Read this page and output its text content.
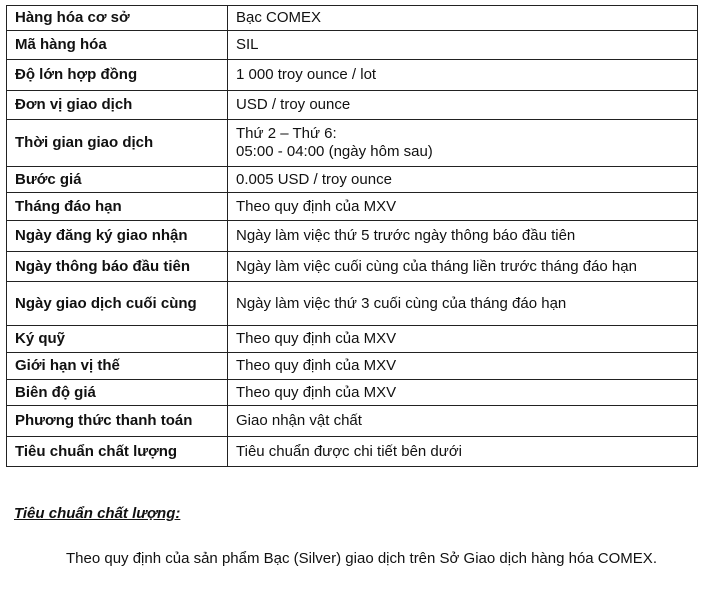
Hàng hóa cơ sở	Bạc COMEX

Mã hàng hóa	SIL

Độ lớn hợp đồng	1 000 troy ounce / lot

Đơn vị giao dịch	USD / troy ounce

Thời gian giao dịch	Thứ 2 – Thứ 6:
05:00 - 04:00 (ngày hôm sau)

Bước giá	0.005 USD / troy ounce

Tháng đáo hạn	Theo quy định của MXV

Ngày đăng ký giao nhận	Ngày làm việc thứ 5 trước ngày thông báo đầu tiên

Ngày thông báo đầu tiên	Ngày làm việc cuối cùng của tháng liền trước tháng đáo hạn

Ngày giao dịch cuối cùng	Ngày làm việc thứ 3 cuối cùng của tháng đáo hạn

Ký quỹ	Theo quy định của MXV

Giới hạn vị thế	Theo quy định của MXV

Biên độ giá	Theo quy định của MXV

Phương thức thanh toán	Giao nhận vật chất

Tiêu chuẩn chất lượng	Tiêu chuẩn được chi tiết bên dưới
Tiêu chuẩn chất lượng:
Theo quy định của sản phẩm Bạc (Silver) giao dịch trên Sở Giao dịch hàng hóa COMEX.
